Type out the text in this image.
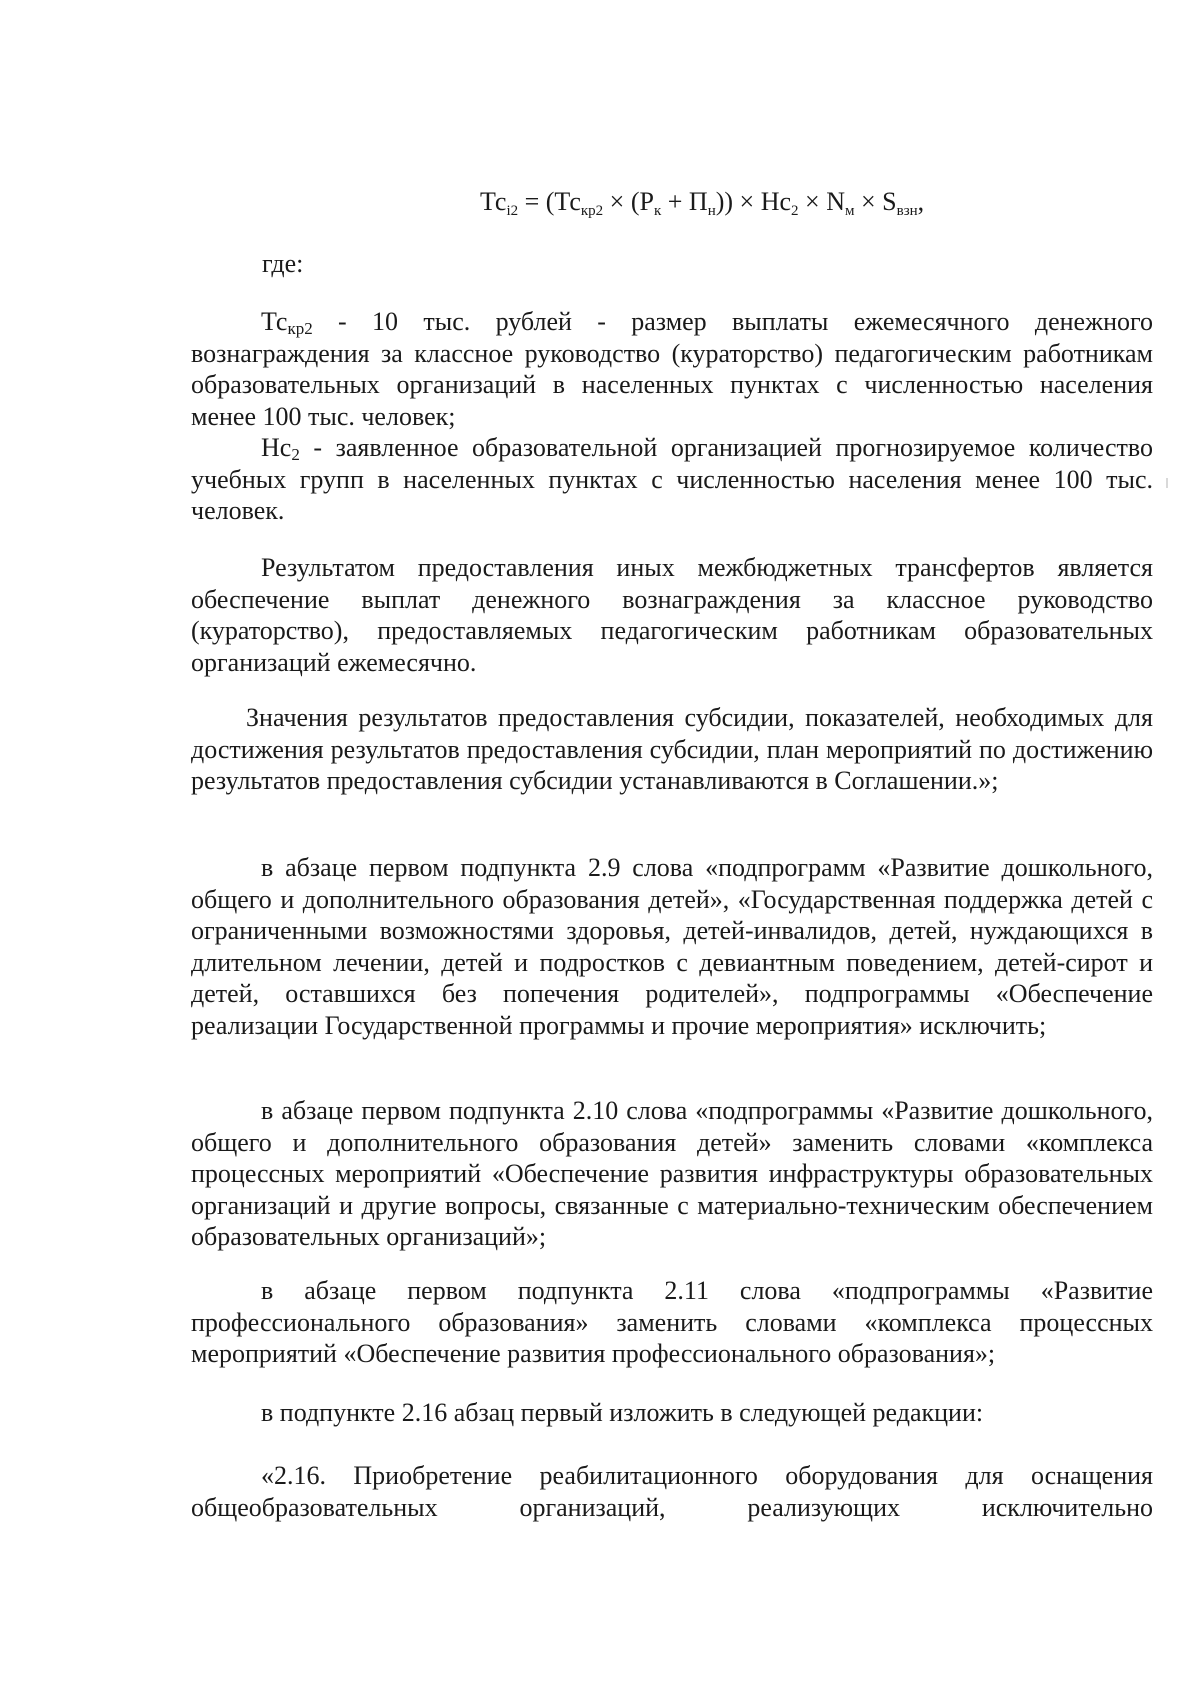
$Тс_{i2} = (Тс_{кр2} \times (Р_к + П_н)) \times Нс_2 \times N_м \times S_{взн}$,
где:

$Тс_{кр2} - 10$ тыс. рублей - размер выплаты ежемесячного денежного вознаграждения за классное руководство (кураторство) педагогическим работникам образовательных организаций в населенных пунктах с численностью населения менее 100 тыс. человек;

$Нс_2$ - заявленное образовательной организацией прогнозируемое количество учебных групп в населенных пунктах с численностью населения менее 100 тыс. человек.

Результатом предоставления иных межбюджетных трансфертов является обеспечение выплат денежного вознаграждения за классное руководство (кураторство), предоставляемых педагогическим работникам образовательных организаций ежемесячно.

Значения результатов предоставления субсидии, показателей, необходимых для достижения результатов предоставления субсидии, план мероприятий по достижению результатов предоставления субсидии устанавливаются в Соглашении.»;

в абзаце первом подпункта 2.9 слова «подпрограмм «Развитие дошкольного, общего и дополнительного образования детей», «Государственная поддержка детей с ограниченными возможностями здоровья, детей-инвалидов, детей, нуждающихся в длительном лечении, детей и подростков с девиантным поведением, детей-сирот и детей, оставшихся без попечения родителей», подпрограммы «Обеспечение реализации Государственной программы и прочие мероприятия» исключить;

в абзаце первом подпункта 2.10 слова «подпрограммы «Развитие дошкольного, общего и дополнительного образования детей» заменить словами «комплекса процессных мероприятий «Обеспечение развития инфраструктуры образовательных организаций и другие вопросы, связанные с материально-техническим обеспечением образовательных организаций»;

в абзаце первом подпункта 2.11 слова «подпрограммы «Развитие профессионального образования» заменить словами «комплекса процессных мероприятий «Обеспечение развития профессионального образования»;

в подпункте 2.16 абзац первый изложить в следующей редакции:

«2.16. Приобретение реабилитационного оборудования для оснащения общеобразовательных организаций, реализующих исключительно
